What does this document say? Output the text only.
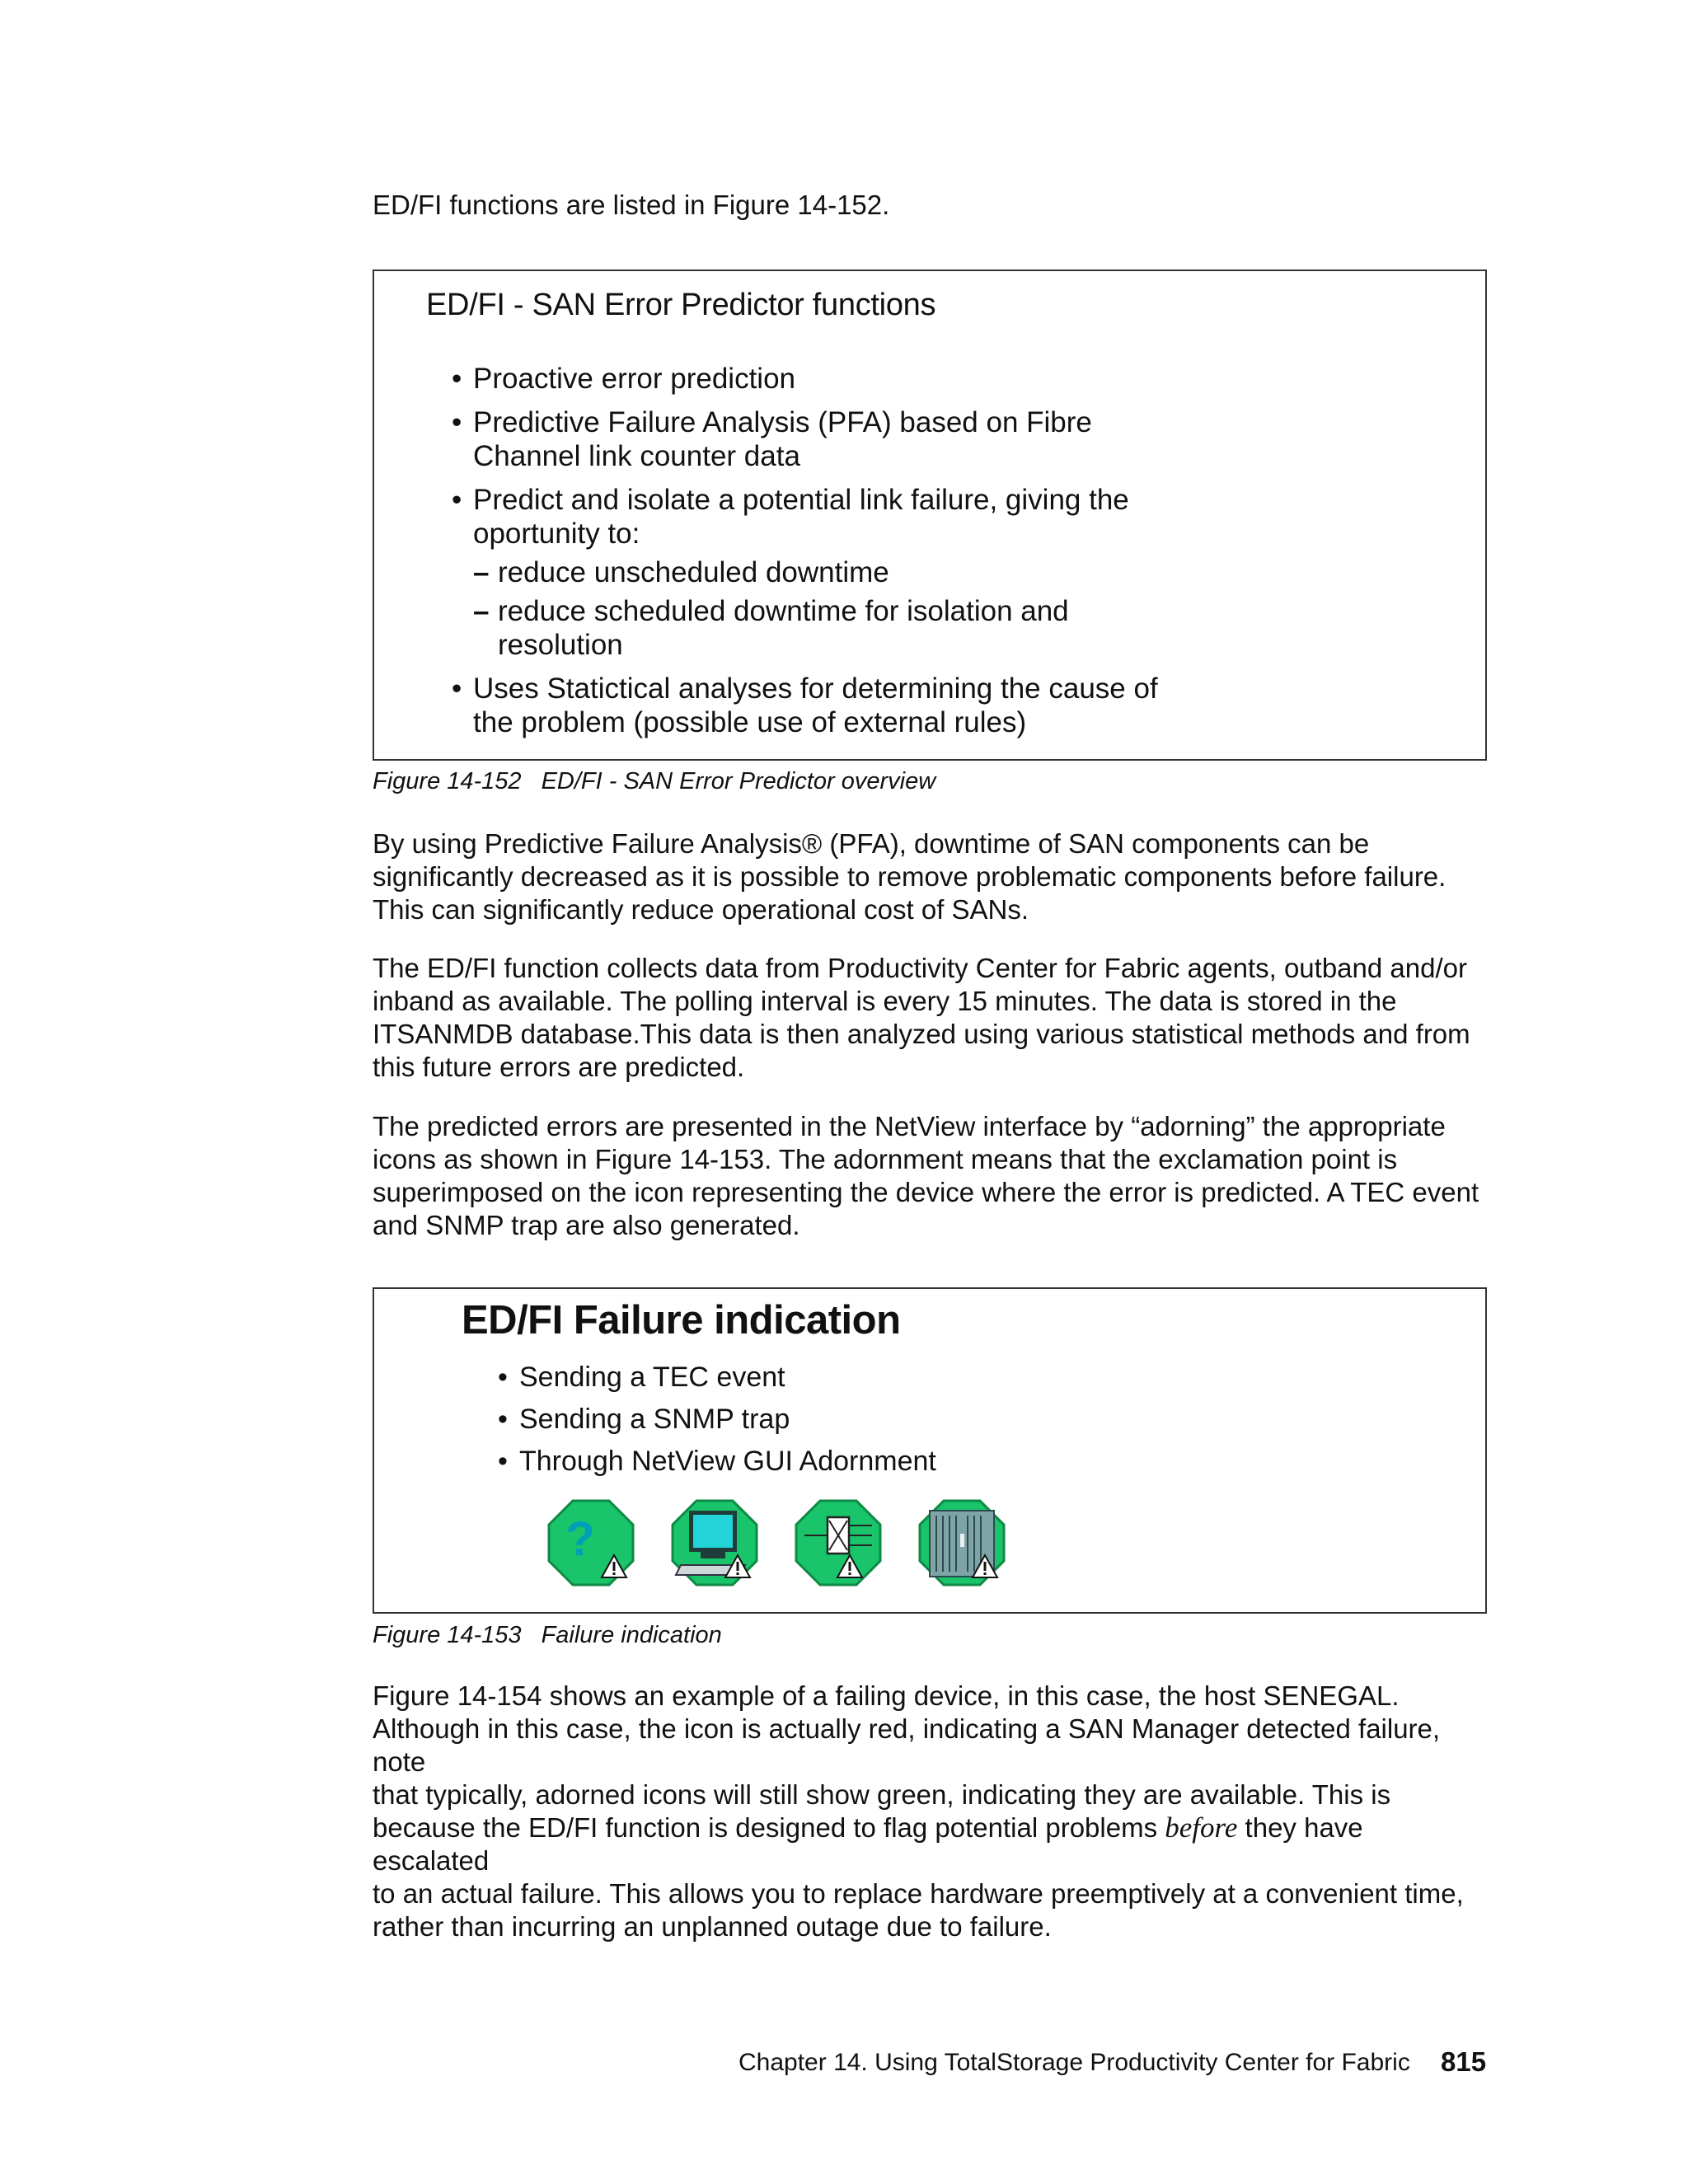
ED/FI functions are listed in Figure 14-152.

ED/FI - SAN Error Predictor functions
• Proactive error prediction
• Predictive Failure Analysis (PFA) based on Fibre
Channel link counter data
• Predict and isolate a potential link failure, giving the
oportunity to:
– reduce unscheduled downtime
– reduce scheduled downtime for isolation and
resolution
• Uses Statictical analyses for determining the cause of
the problem (possible use of external rules)

Figure 14-152 ED/FI - SAN Error Predictor overview

By using Predictive Failure Analysis® (PFA), downtime of SAN components can be
significantly decreased as it is possible to remove problematic components before failure.
This can significantly reduce operational cost of SANs.
The ED/FI function collects data from Productivity Center for Fabric agents, outband and/or
inband as available. The polling interval is every 15 minutes. The data is stored in the
ITSANMDB database.This data is then analyzed using various statistical methods and from
this future errors are predicted.
The predicted errors are presented in the NetView interface by “adorning” the appropriate
icons as shown in Figure 14-153. The adornment means that the exclamation point is
superimposed on the icon representing the device where the error is predicted. A TEC event
and SNMP trap are also generated.
ED/FI Failure indication
• Sending a TEC event
• Sending a SNMP trap
• Through NetView GUI Adornment
?

Figure 14-153 Failure indication

Figure 14-154 shows an example of a failing device, in this case, the host SENEGAL.
Although in this case, the icon is actually red, indicating a SAN Manager detected failure, note
that typically, adorned icons will still show green, indicating they are available. This is
because the ED/FI function is designed to flag potential problems before they have escalated
to an actual failure. This allows you to replace hardware preemptively at a convenient time,
rather than incurring an unplanned outage due to failure.
Chapter 14. Using TotalStorage Productivity Center for Fabric 815
